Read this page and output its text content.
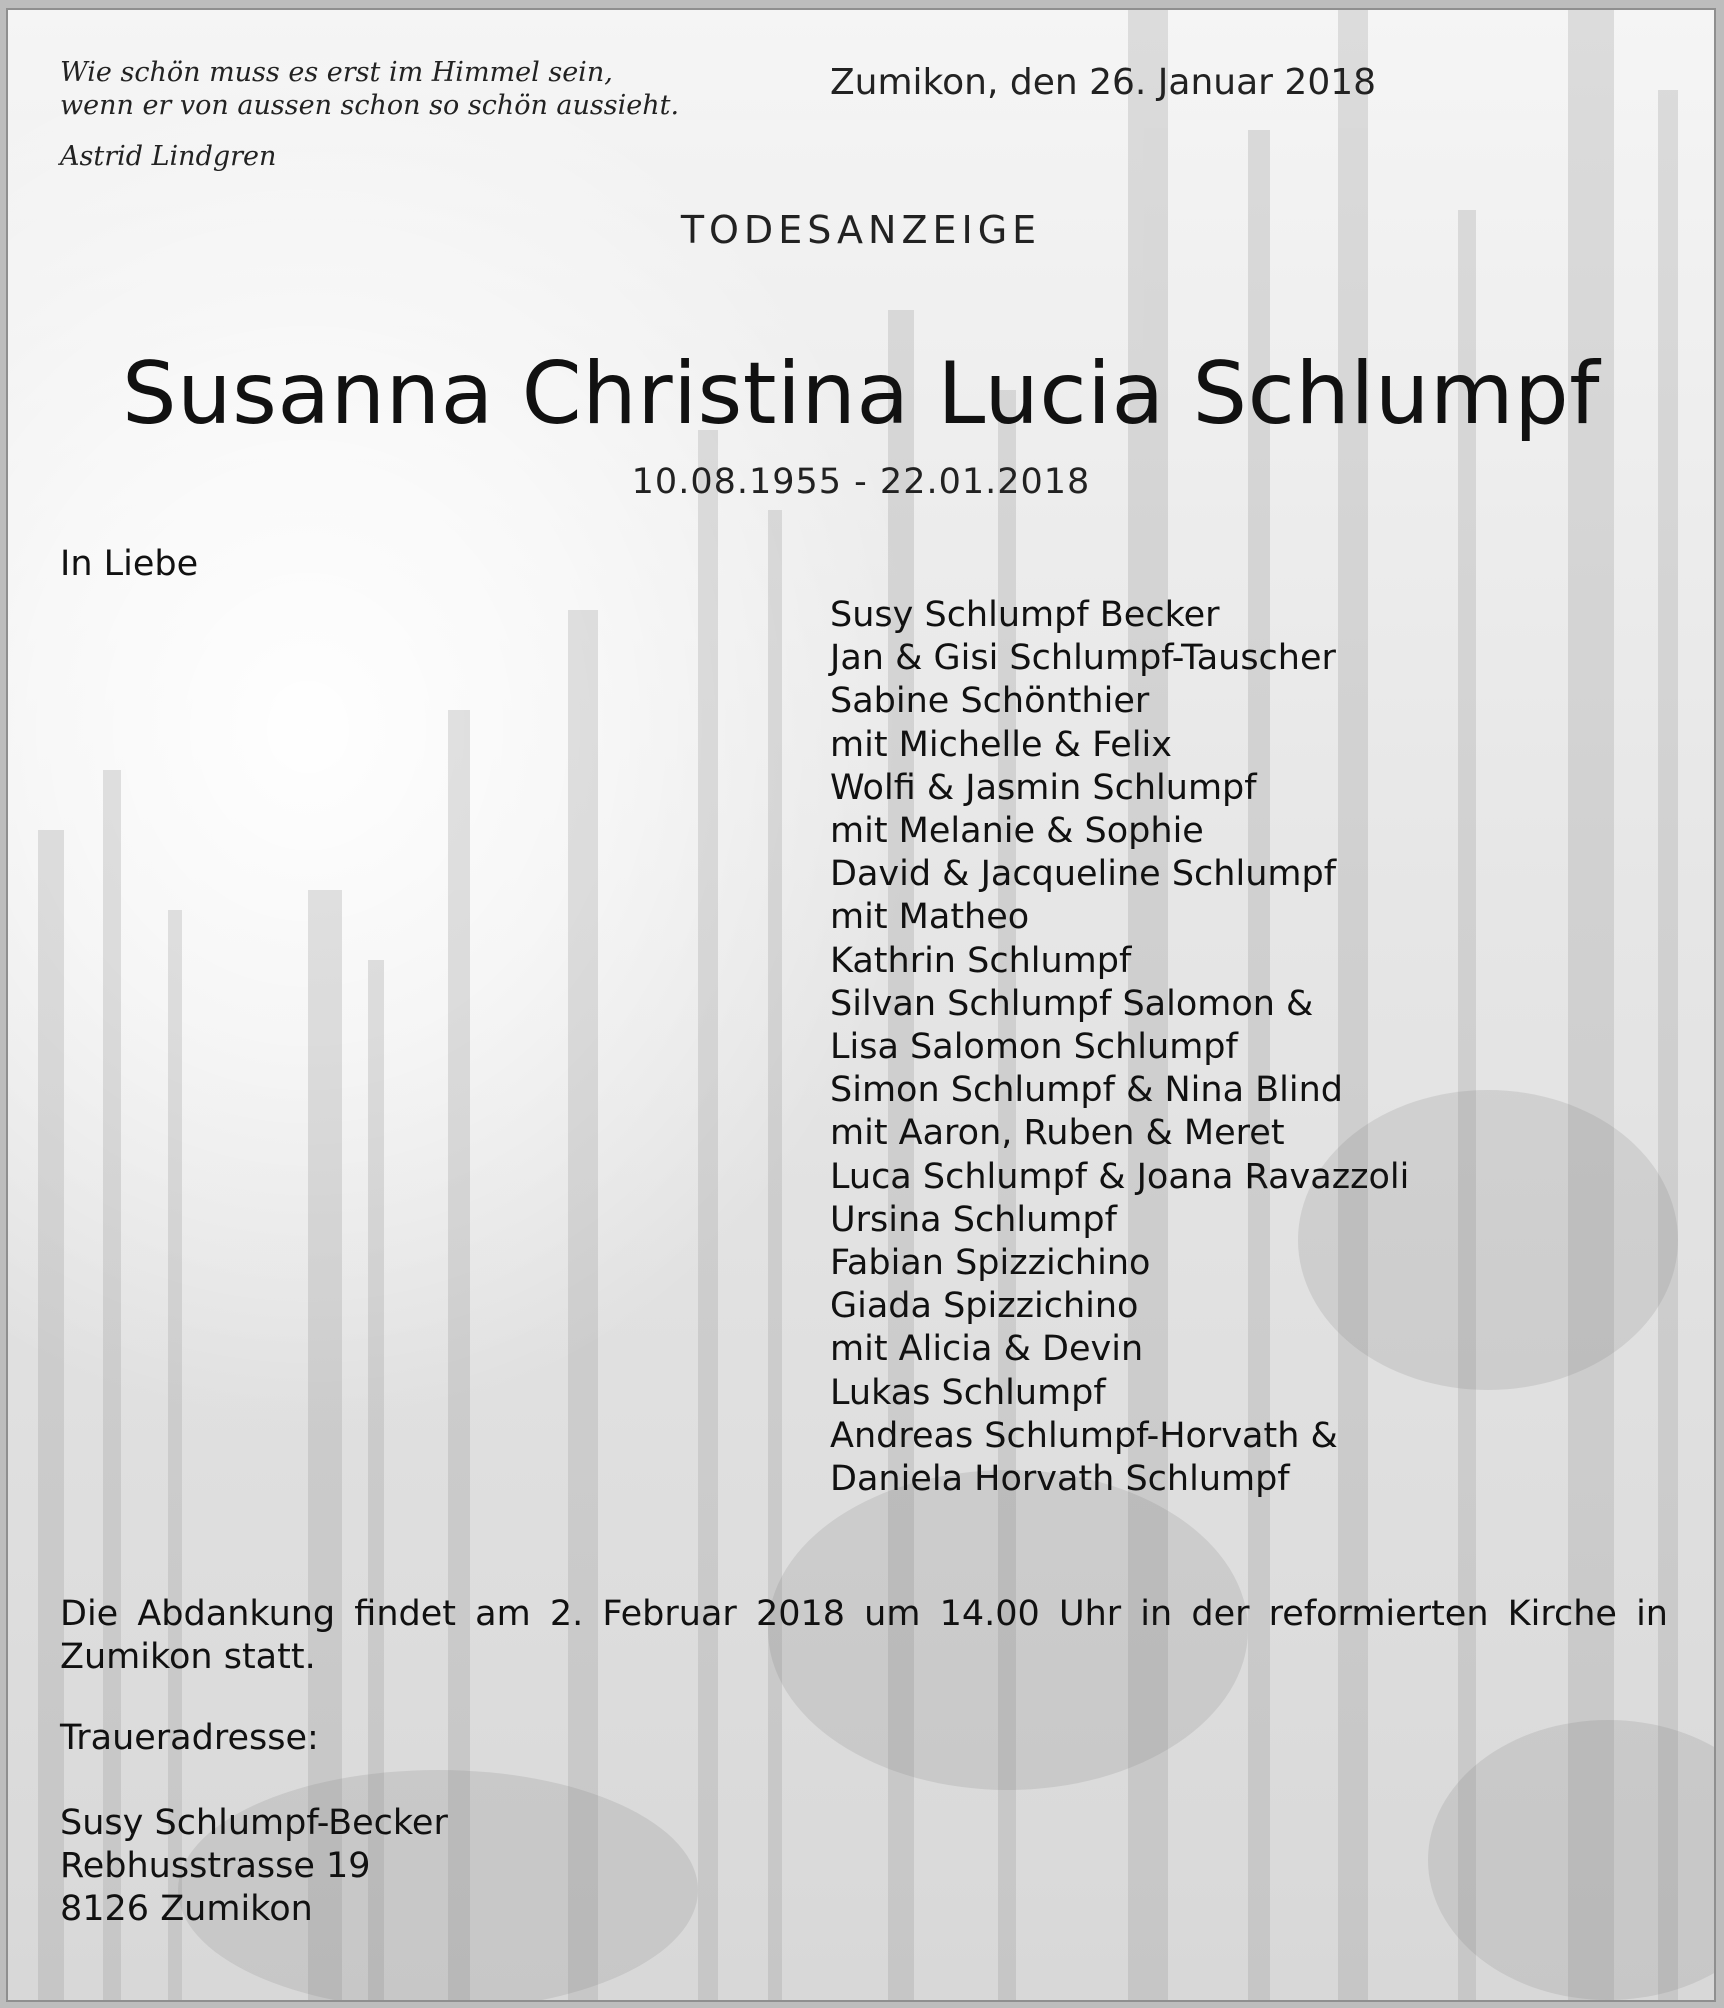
Wie schön muss es erst im Himmel sein,

wenn er von aussen schon so schön aussieht.

Astrid Lindgren

Zumikon, den 26. Januar 2018
TODESANZEIGE
Susanna Christina Lucia Schlumpf
10.08.1955 - 22.01.2018
In Liebe
Susy Schlumpf Becker
Jan & Gisi Schlumpf-Tauscher
Sabine Schönthier
mit Michelle & Felix
Wolfi & Jasmin Schlumpf
mit Melanie & Sophie
David & Jacqueline Schlumpf
mit Matheo
Kathrin Schlumpf
Silvan Schlumpf Salomon &
Lisa Salomon Schlumpf
Simon Schlumpf & Nina Blind
mit Aaron, Ruben & Meret
Luca Schlumpf & Joana Ravazzoli
Ursina Schlumpf
Fabian Spizzichino
Giada Spizzichino
mit Alicia & Devin
Lukas Schlumpf
Andreas Schlumpf-Horvath &
Daniela Horvath Schlumpf

Die Abdankung findet am 2. Februar 2018 um 14.00 Uhr in der reformierten Kirche in Zumikon statt.

Traueradresse:
Susy Schlumpf-Becker
Rebhusstrasse 19
8126 Zumikon
